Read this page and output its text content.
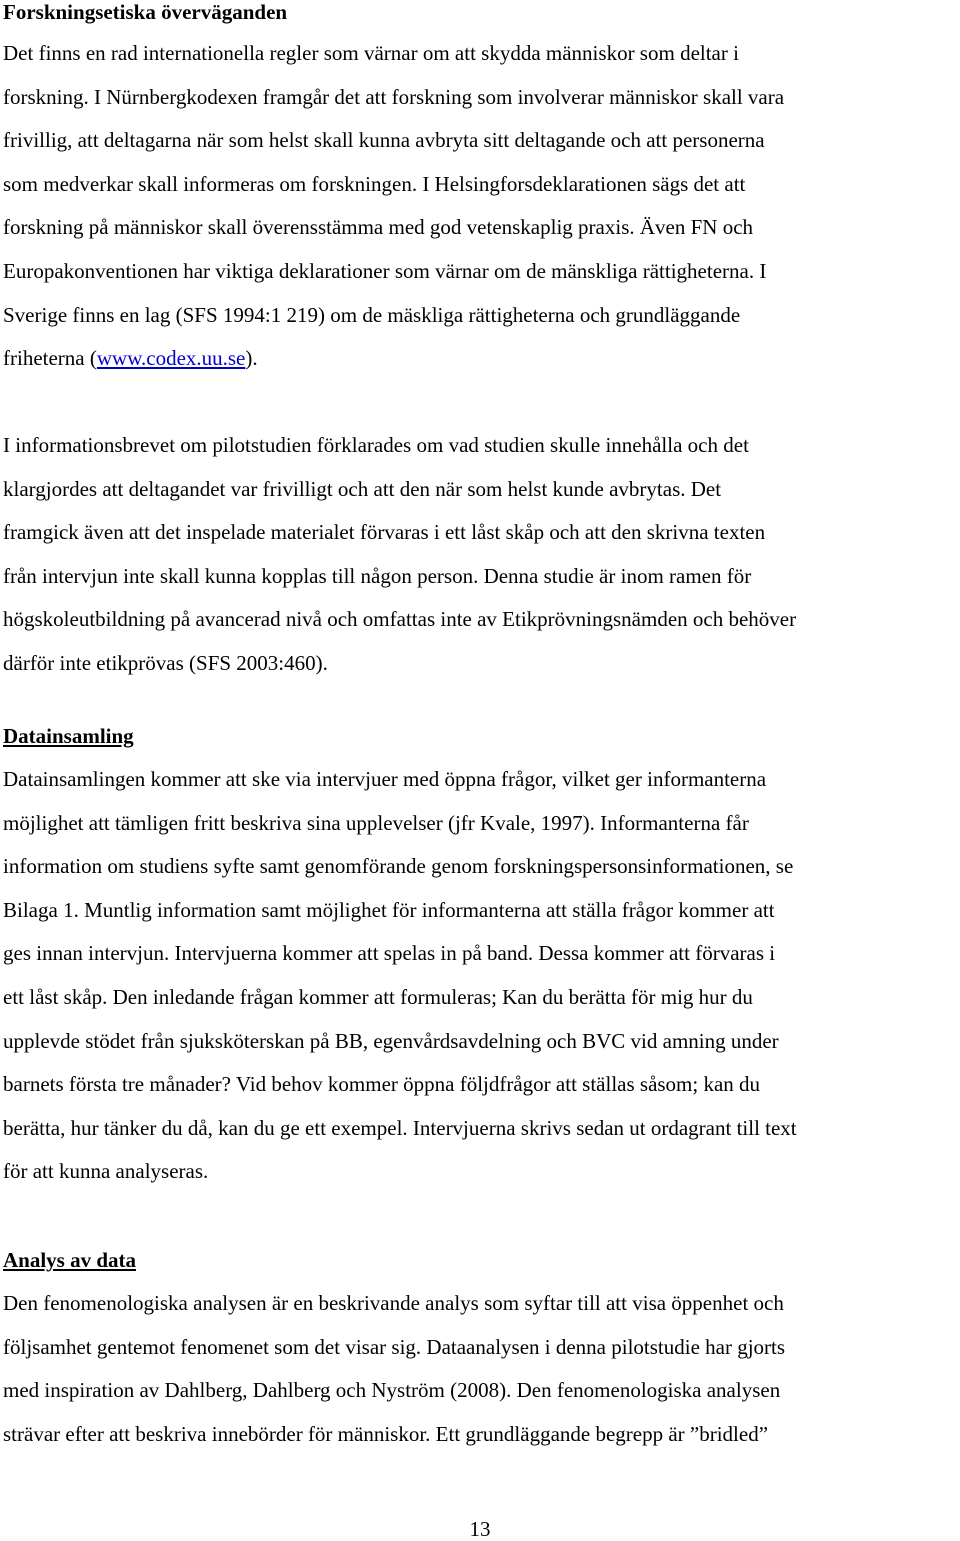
Forskningsetiska överväganden

Det finns en rad internationella regler som värnar om att skydda människor som deltar i
forskning. I Nürnbergkodexen framgår det att forskning som involverar människor skall vara
frivillig, att deltagarna när som helst skall kunna avbryta sitt deltagande och att personerna
som medverkar skall informeras om forskningen. I Helsingforsdeklarationen sägs det att
forskning på människor skall överensstämma med god vetenskaplig praxis. Även FN och
Europakonventionen har viktiga deklarationer som värnar om de mänskliga rättigheterna. I
Sverige finns en lag (SFS 1994:1 219) om de mäskliga rättigheterna och grundläggande
friheterna (www.codex.uu.se).

I informationsbrevet om pilotstudien förklarades om vad studien skulle innehålla och det
klargjordes att deltagandet var frivilligt och att den när som helst kunde avbrytas. Det
framgick även att det inspelade materialet förvaras i ett låst skåp och att den skrivna texten
från intervjun inte skall kunna kopplas till någon person. Denna studie är inom ramen för
högskoleutbildning på avancerad nivå och omfattas inte av Etikprövningsnämden och behöver
därför inte etikprövas (SFS 2003:460).

Datainsamling

Datainsamlingen kommer att ske via intervjuer med öppna frågor, vilket ger informanterna
möjlighet att tämligen fritt beskriva sina upplevelser (jfr Kvale, 1997). Informanterna får
information om studiens syfte samt genomförande genom forskningspersonsinformationen, se
Bilaga 1. Muntlig information samt möjlighet för informanterna att ställa frågor kommer att
ges innan intervjun. Intervjuerna kommer att spelas in på band. Dessa kommer att förvaras i
ett låst skåp. Den inledande frågan kommer att formuleras; Kan du berätta för mig hur du
upplevde stödet från sjuksköterskan på BB, egenvårdsavdelning och BVC vid amning under
barnets första tre månader? Vid behov kommer öppna följdfrågor att ställas såsom; kan du
berätta, hur tänker du då, kan du ge ett exempel. Intervjuerna skrivs sedan ut ordagrant till text
för att kunna analyseras.

Analys av data

Den fenomenologiska analysen är en beskrivande analys som syftar till att visa öppenhet och
följsamhet gentemot fenomenet som det visar sig. Dataanalysen i denna pilotstudie har gjorts
med inspiration av Dahlberg, Dahlberg och Nyström (2008). Den fenomenologiska analysen
strävar efter att beskriva innebörder för människor. Ett grundläggande begrepp är ”bridled”

13
